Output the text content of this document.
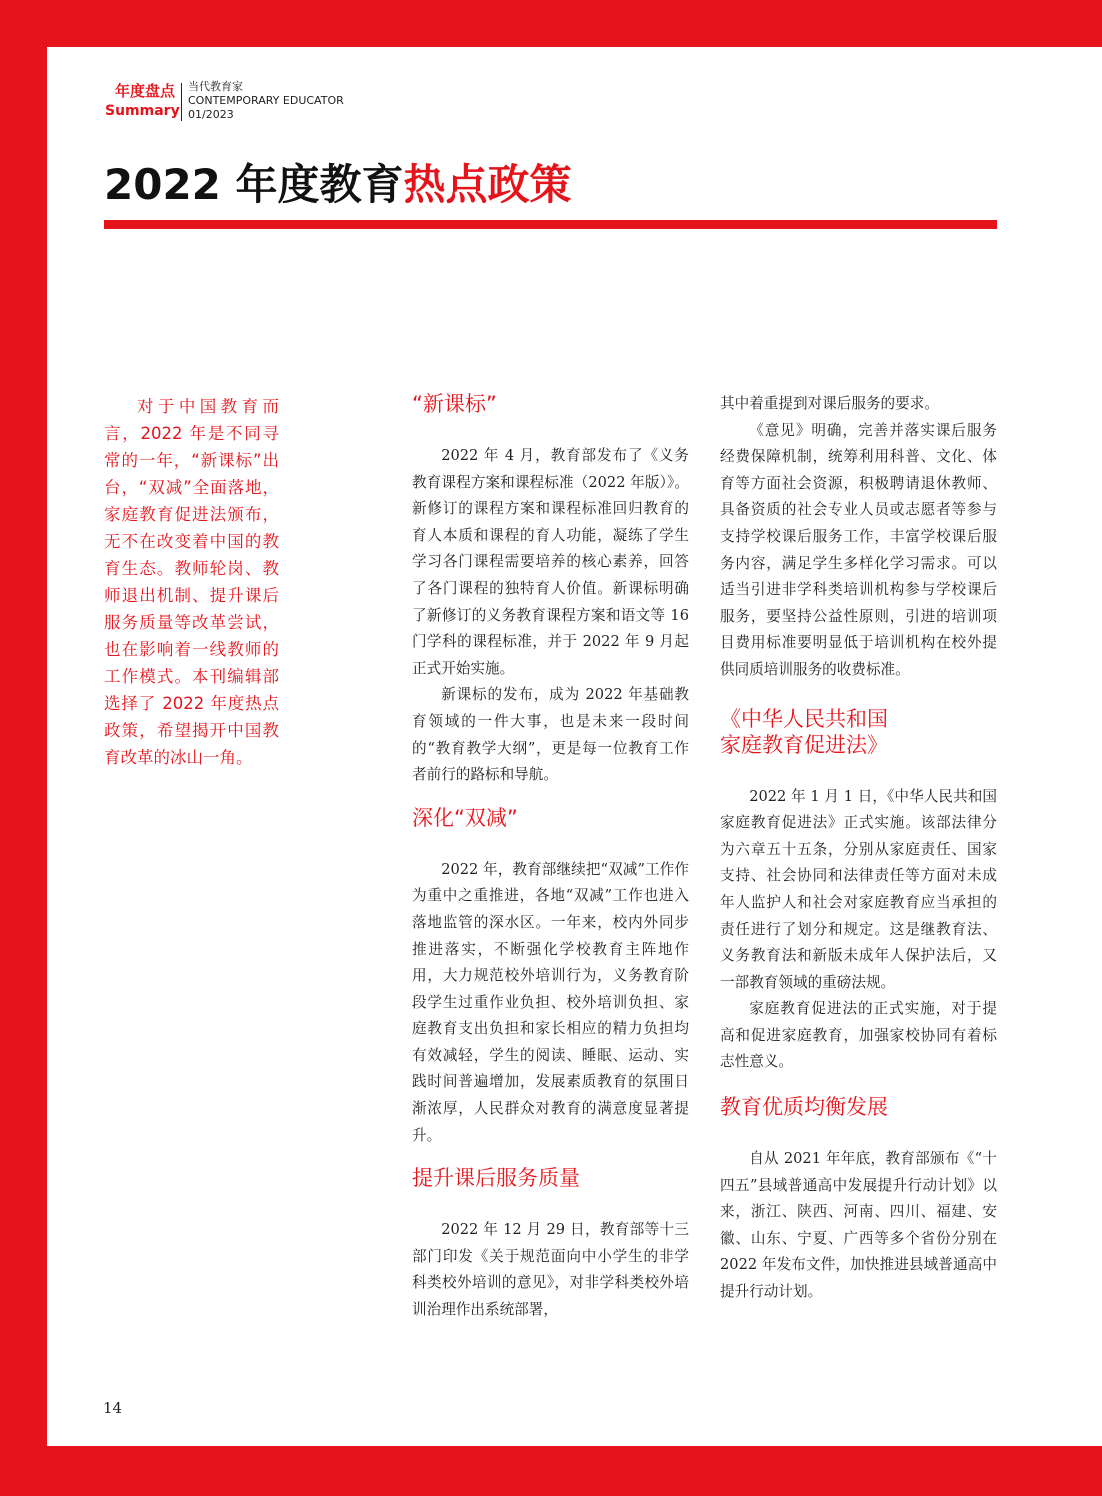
年度盘点
Summary
当代教育家
CONTEMPORARY EDUCATOR
01/2023
2022 年度教育热点政策

对于中国教育而言，2022 年是不同寻常的一年，“新课标”出台，“双减”全面落地，家庭教育促进法颁布，无不在改变着中国的教育生态。教师轮岗、教师退出机制、提升课后服务质量等改革尝试，也在影响着一线教师的工作模式。本刊编辑部选择了 2022 年度热点政策，希望揭开中国教育改革的冰山一角。

“新课标”

2022 年 4 月，教育部发布了《义务教育课程方案和课程标准（2022 年版）》。新修订的课程方案和课程标准回归教育的育人本质和课程的育人功能，凝练了学生学习各门课程需要培养的核心素养，回答了各门课程的独特育人价值。新课标明确了新修订的义务教育课程方案和语文等 16 门学科的课程标准，并于 2022 年 9 月起正式开始实施。

新课标的发布，成为 2022 年基础教育领域的一件大事，也是未来一段时间的“教育教学大纲”，更是每一位教育工作者前行的路标和导航。

深化“双减”

2022 年，教育部继续把“双减”工作作为重中之重推进，各地“双减”工作也进入落地监管的深水区。一年来，校内外同步推进落实，不断强化学校教育主阵地作用，大力规范校外培训行为，义务教育阶段学生过重作业负担、校外培训负担、家庭教育支出负担和家长相应的精力负担均有效减轻，学生的阅读、睡眠、运动、实践时间普遍增加，发展素质教育的氛围日渐浓厚，人民群众对教育的满意度显著提升。

提升课后服务质量

2022 年 12 月 29 日，教育部等十三部门印发《关于规范面向中小学生的非学科类校外培训的意见》，对非学科类校外培训治理作出系统部署，

其中着重提到对课后服务的要求。

《意见》明确，完善并落实课后服务经费保障机制，统筹利用科普、文化、体育等方面社会资源，积极聘请退休教师、具备资质的社会专业人员或志愿者等参与支持学校课后服务工作，丰富学校课后服务内容，满足学生多样化学习需求。可以适当引进非学科类培训机构参与学校课后服务，要坚持公益性原则，引进的培训项目费用标准要明显低于培训机构在校外提供同质培训服务的收费标准。

《中华人民共和国
家庭教育促进法》

2022 年 1 月 1 日，《中华人民共和国家庭教育促进法》正式实施。该部法律分为六章五十五条，分别从家庭责任、国家支持、社会协同和法律责任等方面对未成年人监护人和社会对家庭教育应当承担的责任进行了划分和规定。这是继教育法、义务教育法和新版未成年人保护法后，又一部教育领域的重磅法规。

家庭教育促进法的正式实施，对于提高和促进家庭教育，加强家校协同有着标志性意义。

教育优质均衡发展

自从 2021 年年底，教育部颁布《“十四五”县域普通高中发展提升行动计划》以来，浙江、陕西、河南、四川、福建、安徽、山东、宁夏、广西等多个省份分别在 2022 年发布文件，加快推进县域普通高中提升行动计划。

14
